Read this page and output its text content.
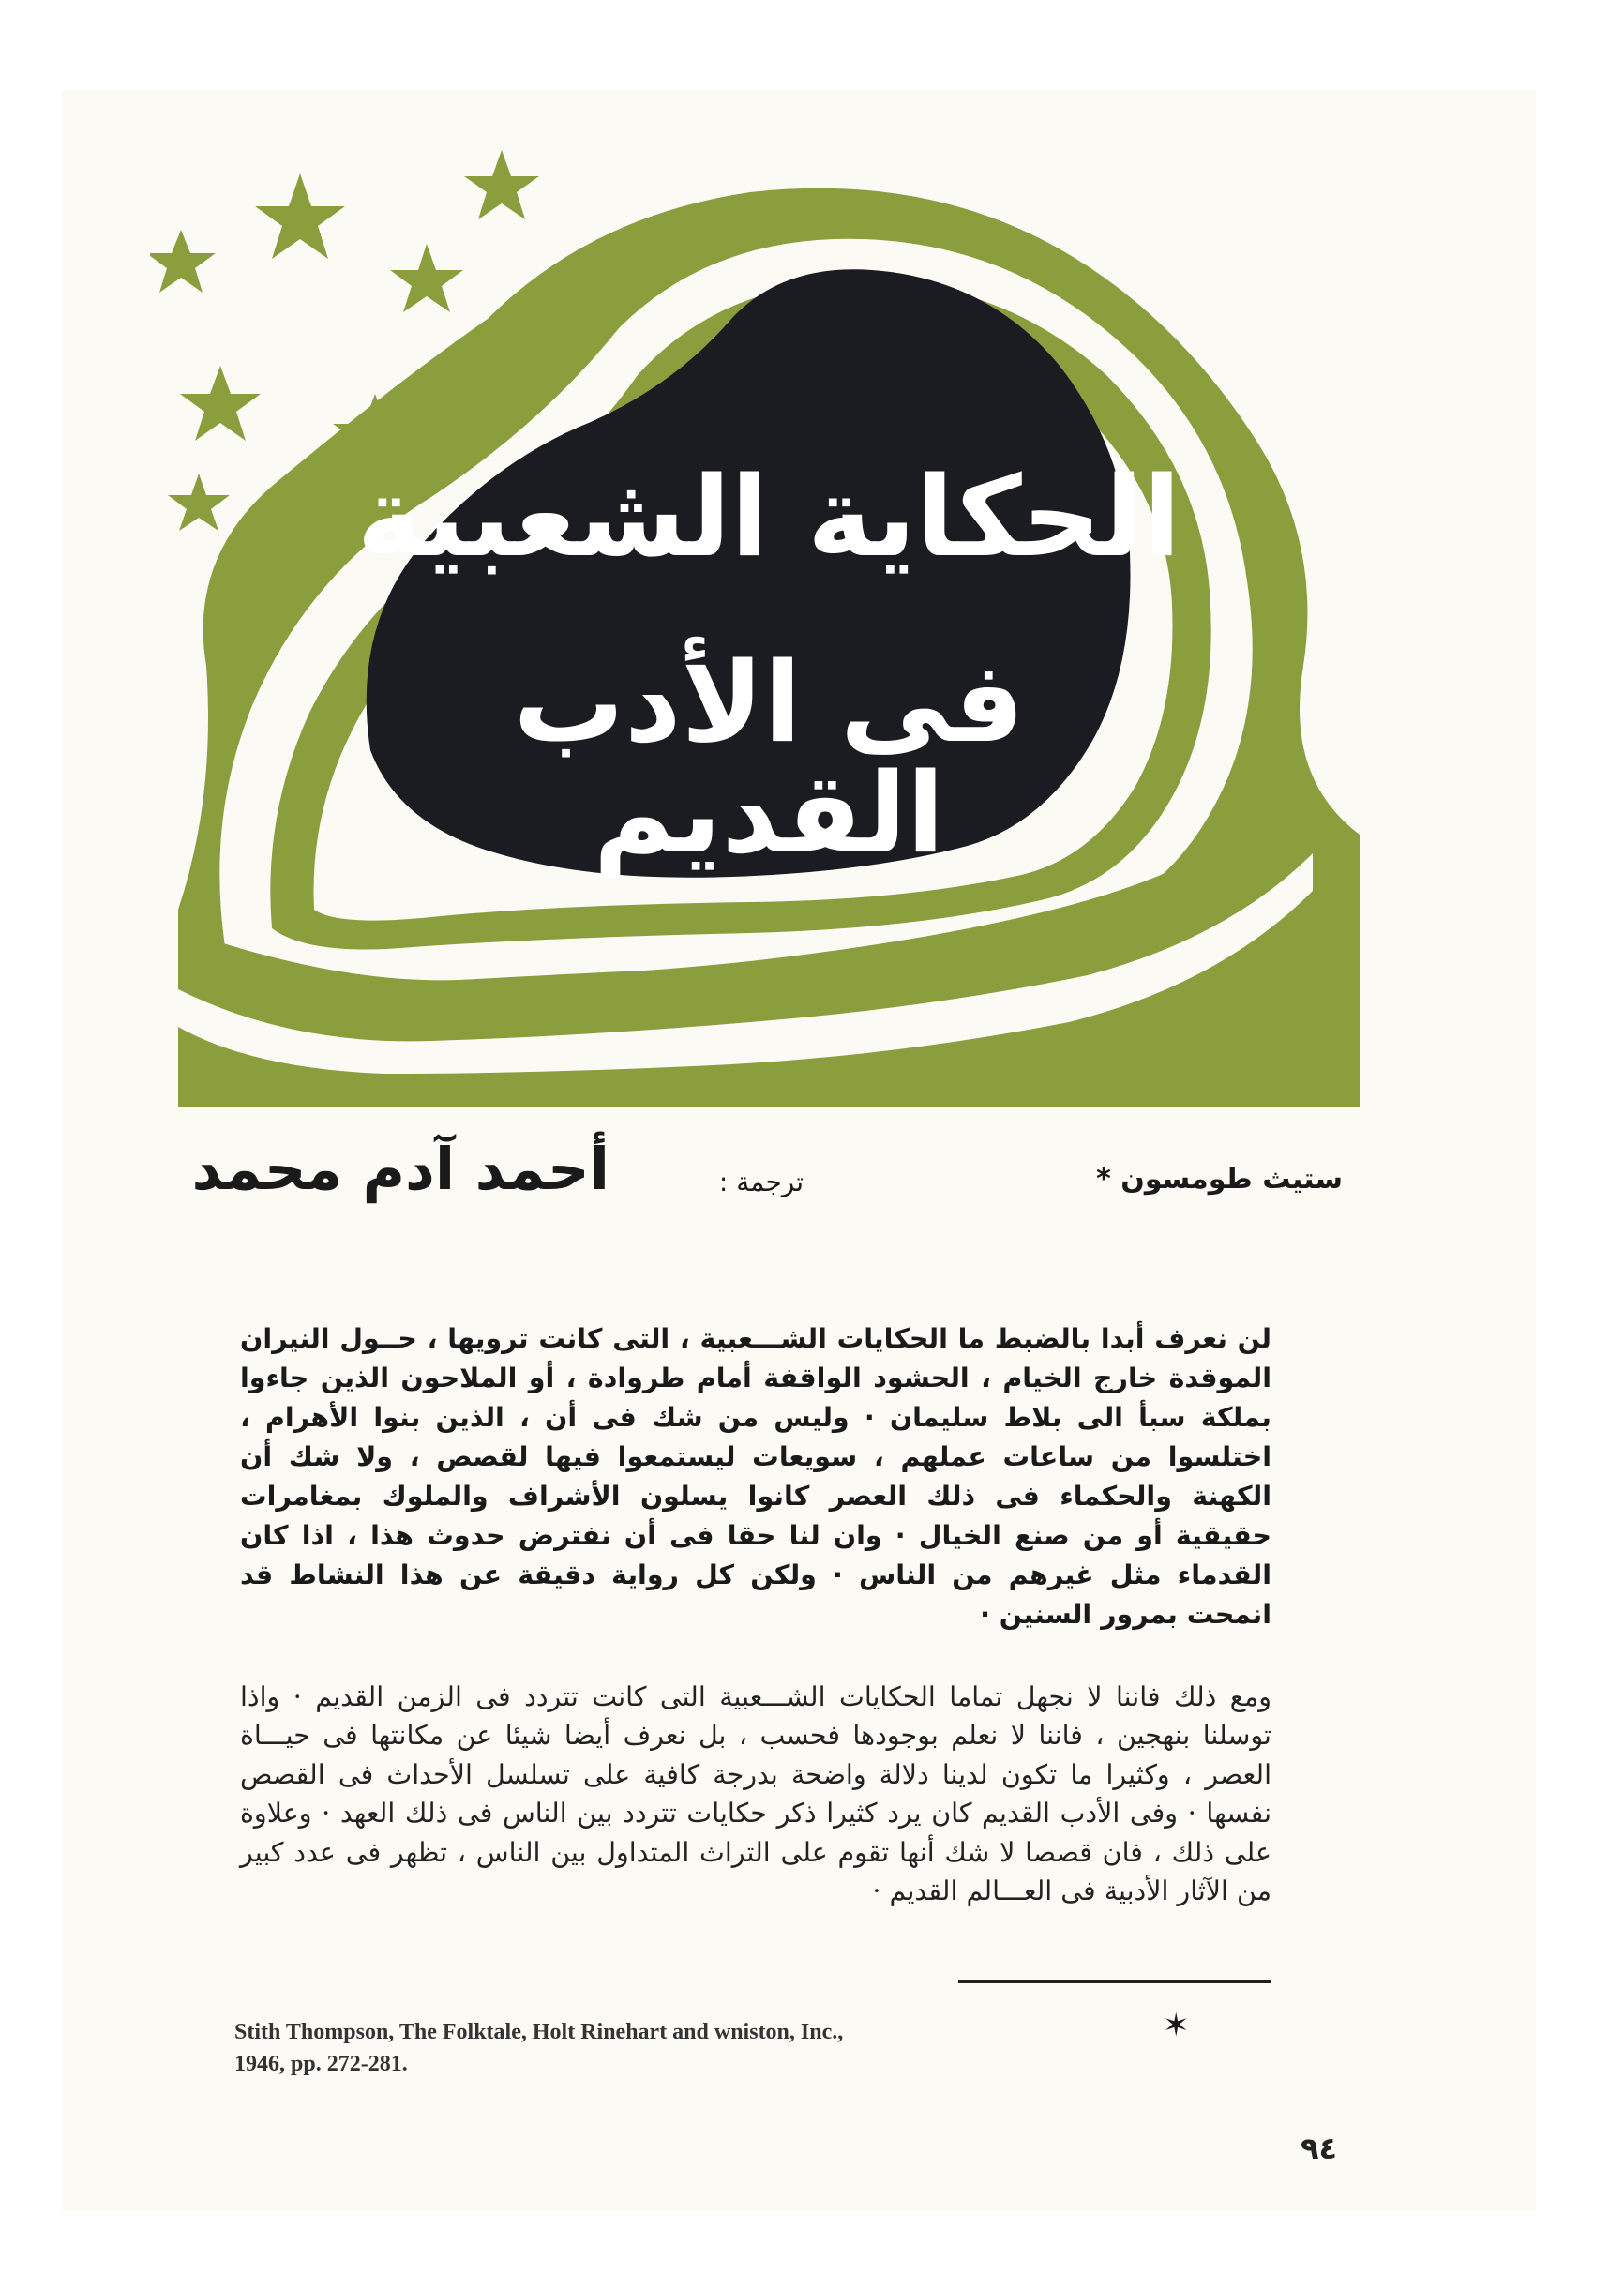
الحكاية الشعبية
فى الأدب القديم
ستيث طومسون *
ترجمة :
أحمد آدم محمد

لن نعرف أبدا بالضبط ما الحكايات الشـــعبية ، التى كانت ترويها ، حــول النيران الموقدة خارج الخيام ، الحشود الواقفة أمام طروادة ، أو الملاحون الذين جاءوا بملكة سبأ الى بلاط سليمان · وليس من شك فى أن ، الذين بنوا الأهرام ، اختلسوا من ساعات عملهم ، سويعات ليستمعوا فيها لقصص ، ولا شك أن الكهنة والحكماء فى ذلك العصر كانوا يسلون الأشراف والملوك بمغامرات حقيقية أو من صنع الخيال · وان لنا حقا فى أن نفترض حدوث هذا ، اذا كان القدماء مثل غيرهم من الناس · ولكن كل رواية دقيقة عن هذا النشاط قد انمحت بمرور السنين ·

ومع ذلك فاننا لا نجهل تماما الحكايات الشـــعبية التى كانت تتردد فى الزمن القديم · واذا توسلنا بنهجين ، فاننا لا نعلم بوجودها فحسب ، بل نعرف أيضا شيئا عن مكانتها فى حيـــاة العصر ، وكثيرا ما تكون لدينا دلالة واضحة بدرجة كافية على تسلسل الأحداث فى القصص نفسها · وفى الأدب القديم كان يرد كثيرا ذكر حكايات تتردد بين الناس فى ذلك العهد · وعلاوة على ذلك ، فان قصصا لا شك أنها تقوم على التراث المتداول بين الناس ، تظهر فى عدد كبير من الآثار الأدبية فى العـــالم القديم ·

✶
Stith Thompson, The Folktale, Holt Rinehart and wniston, Inc.,
1946, pp. 272-281.
٩٤
